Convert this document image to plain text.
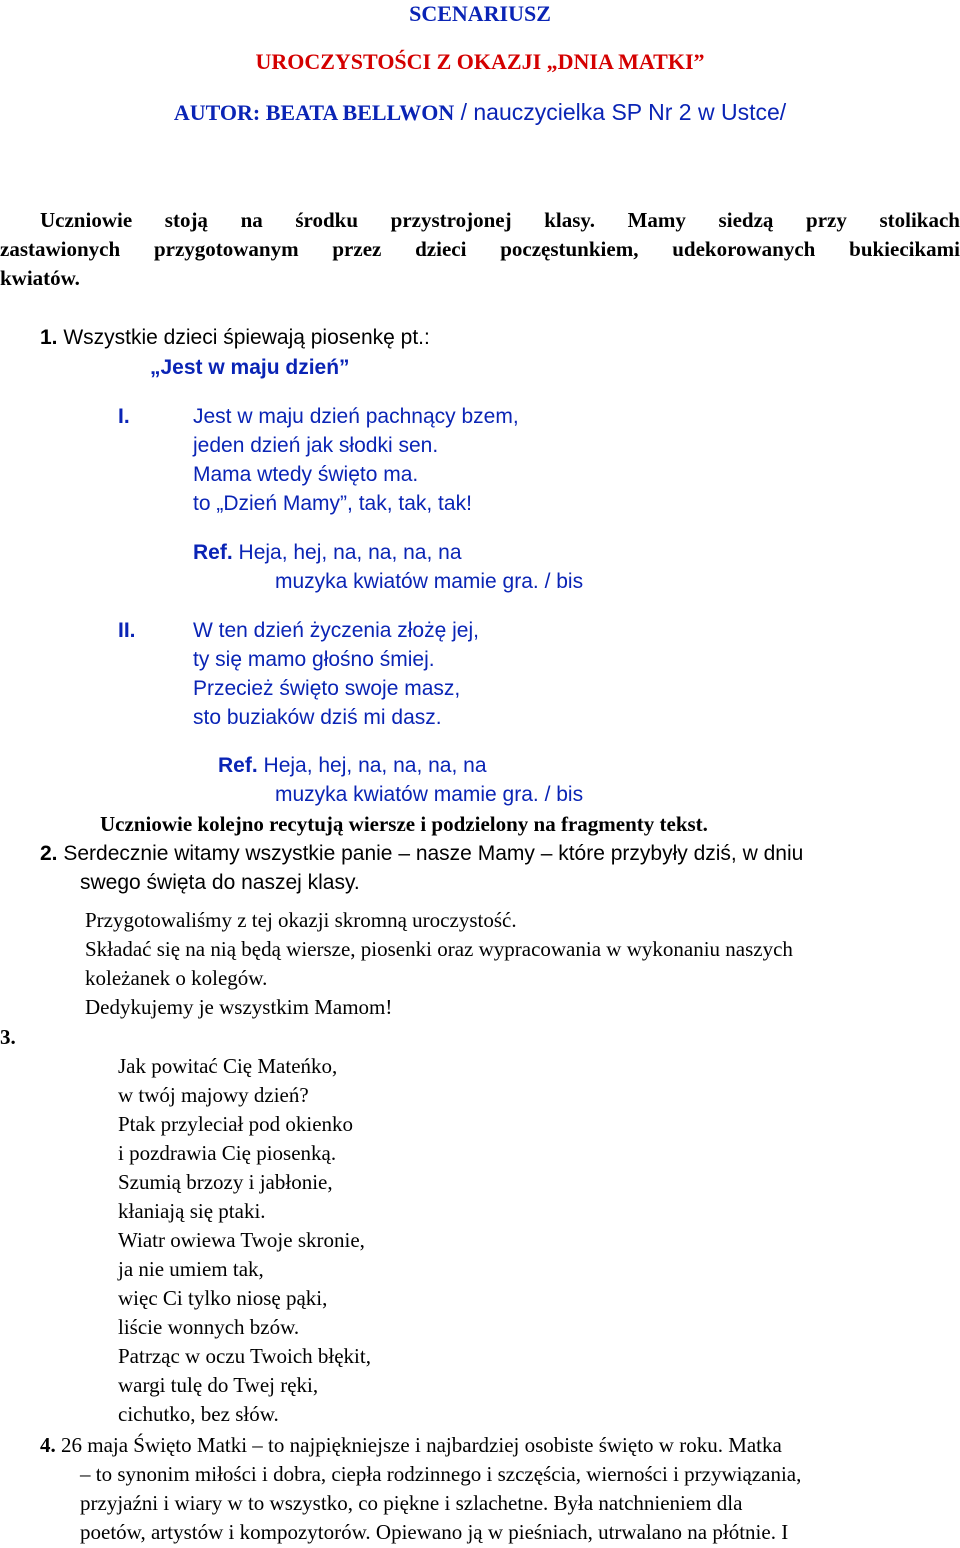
SCENARIUSZ
UROCZYSTOŚCI Z OKAZJI „DNIA MATKI”
AUTOR: BEATA BELLWON / nauczycielka SP Nr 2 w Ustce/
Uczniowie stoją na środku przystrojonej klasy. Mamy siedzą przy stolikach
zastawionych przygotowanym przez dzieci poczęstunkiem, udekorowanych bukiecikami
kwiatów.
1. Wszystkie dzieci śpiewają piosenkę pt.:
„Jest w maju dzień”
I.	Jest w maju dzień pachnący bzem,
jeden dzień jak słodki sen.
Mama wtedy święto ma.
to „Dzień Mamy”, tak, tak, tak!
Ref. Heja, hej, na, na, na, na
muzyka kwiatów mamie gra. / bis
II.	W ten dzień życzenia złożę jej,
ty się mamo głośno śmiej.
Przecież święto swoje masz,
sto buziaków dziś mi dasz.
Ref. Heja, hej, na, na, na, na
muzyka kwiatów mamie gra. / bis
Uczniowie kolejno recytują wiersze i podzielony na fragmenty tekst.
2. Serdecznie witamy wszystkie panie – nasze Mamy – które przybyły dziś, w dniu
swego święta do naszej klasy.
Przygotowaliśmy z tej okazji skromną uroczystość.
Składać się na nią będą wiersze, piosenki oraz wypracowania w wykonaniu naszych
koleżanek o kolegów.
Dedykujemy je wszystkim Mamom!
3.
Jak powitać Cię Mateńko,
w twój majowy dzień?
Ptak przyleciał pod okienko
i pozdrawia Cię piosenką.
Szumią brzozy i jabłonie,
kłaniają się ptaki.
Wiatr owiewa Twoje skronie,
ja nie umiem tak,
więc Ci tylko niosę pąki,
liście wonnych bzów.
Patrząc w oczu Twoich błękit,
wargi tulę do Twej ręki,
cichutko, bez słów.
4. 26 maja Święto Matki – to najpiękniejsze i najbardziej osobiste święto w roku. Matka
– to synonim miłości i dobra, ciepła rodzinnego i szczęścia, wierności i przywiązania,
przyjaźni i wiary w to wszystko, co piękne i szlachetne. Była natchnieniem dla
poetów, artystów i kompozytorów. Opiewano ją w pieśniach, utrwalano na płótnie. I
